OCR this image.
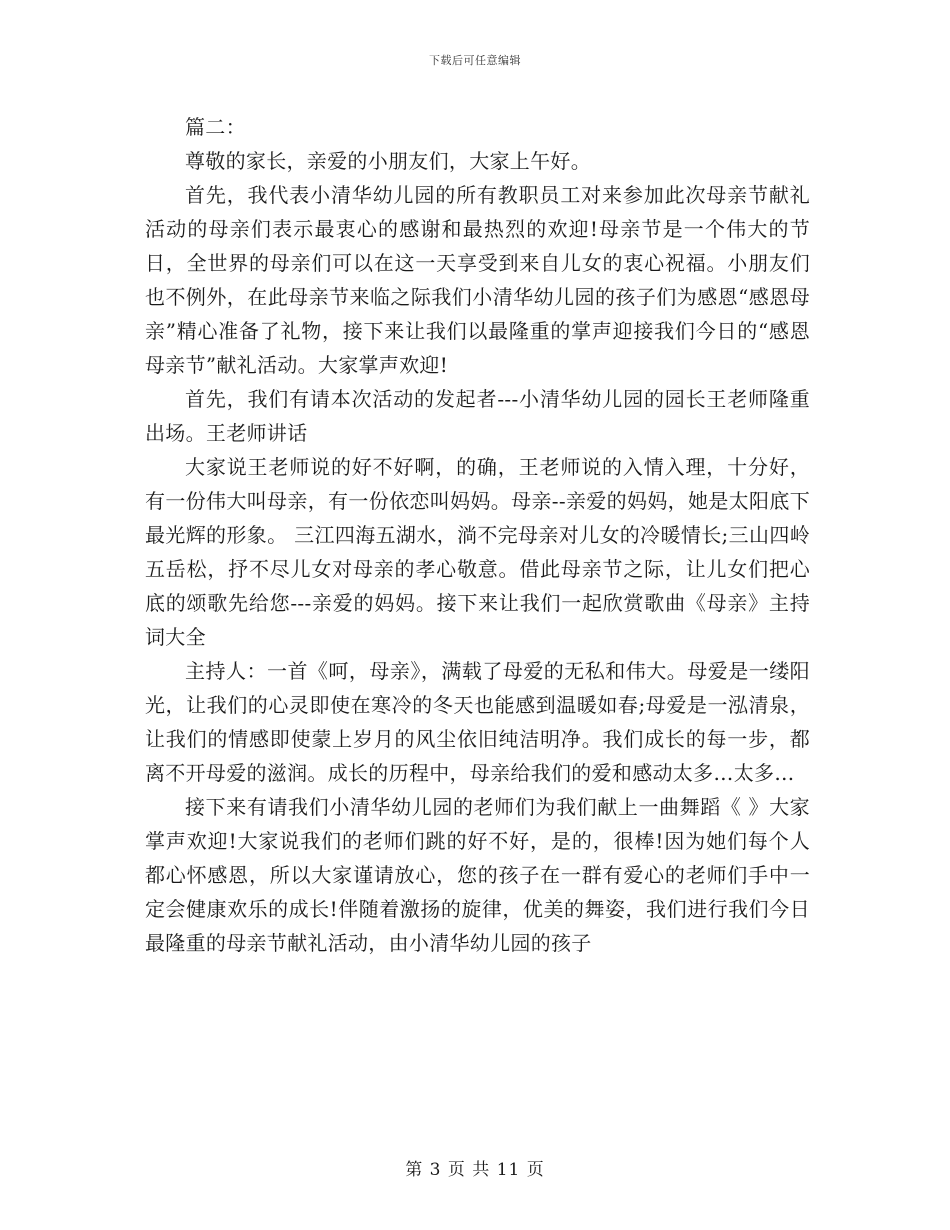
下载后可任意编辑

篇二：

尊敬的家长，亲爱的小朋友们，大家上午好。

首先，我代表小清华幼儿园的所有教职员工对来参加此次母亲节献礼活动的母亲们表示最衷心的感谢和最热烈的欢迎!母亲节是一个伟大的节日，全世界的母亲们可以在这一天享受到来自儿女的衷心祝福。小朋友们也不例外，在此母亲节来临之际我们小清华幼儿园的孩子们为感恩“感恩母亲”精心准备了礼物，接下来让我们以最隆重的掌声迎接我们今日的“感恩母亲节”献礼活动。大家掌声欢迎!

首先，我们有请本次活动的发起者---小清华幼儿园的园长王老师隆重出场。王老师讲话

大家说王老师说的好不好啊，的确，王老师说的入情入理，十分好，有一份伟大叫母亲，有一份依恋叫妈妈。母亲--亲爱的妈妈，她是太阳底下最光辉的形象。 三江四海五湖水，淌不完母亲对儿女的冷暖情长;三山四岭五岳松，抒不尽儿女对母亲的孝心敬意。借此母亲节之际，让儿女们把心底的颂歌先给您---亲爱的妈妈。接下来让我们一起欣赏歌曲《母亲》主持词大全

主持人：一首《呵，母亲》，满载了母爱的无私和伟大。母爱是一缕阳光，让我们的心灵即使在寒冷的冬天也能感到温暖如春;母爱是一泓清泉，让我们的情感即使蒙上岁月的风尘依旧纯洁明净。我们成长的每一步，都离不开母爱的滋润。成长的历程中，母亲给我们的爱和感动太多…太多…

接下来有请我们小清华幼儿园的老师们为我们献上一曲舞蹈《 》大家掌声欢迎!大家说我们的老师们跳的好不好，是的，很棒!因为她们每个人都心怀感恩，所以大家谨请放心，您的孩子在一群有爱心的老师们手中一定会健康欢乐的成长!伴随着激扬的旋律，优美的舞姿，我们进行我们今日最隆重的母亲节献礼活动，由小清华幼儿园的孩子

第 3 页 共 11 页
